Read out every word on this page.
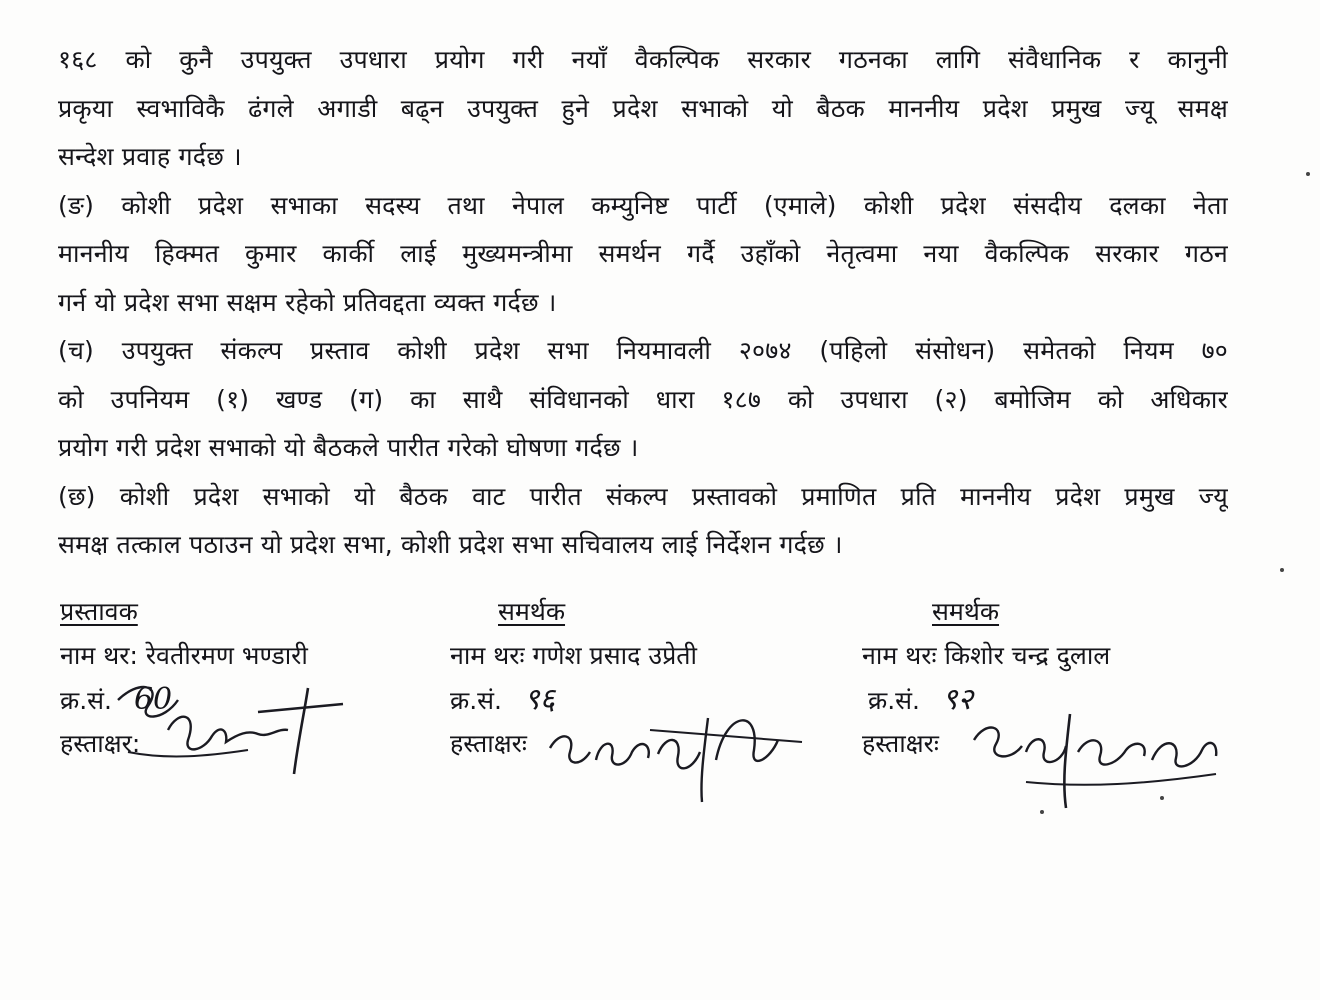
१६८ को कुनै उपयुक्त उपधारा प्रयोग गरी नयाँ वैकल्पिक सरकार गठनका लागि संवैधानिक र कानुनी
प्रकृया स्वभाविकै ढंगले अगाडी बढ्न उपयुक्त हुने प्रदेश सभाको यो बैठक माननीय प्रदेश प्रमुख ज्यू समक्ष
सन्देश प्रवाह गर्दछ ।
(ङ) कोशी प्रदेश सभाका सदस्य तथा नेपाल कम्युनिष्ट पार्टी (एमाले) कोशी प्रदेश संसदीय दलका नेता
माननीय हिक्मत कुमार कार्की लाई मुख्यमन्त्रीमा समर्थन गर्दै उहाँको नेतृत्वमा नया वैकल्पिक सरकार गठन
गर्न यो प्रदेश सभा सक्षम रहेको प्रतिवद्दता व्यक्त गर्दछ ।
(च) उपयुक्त संकल्प प्रस्ताव कोशी प्रदेश सभा नियमावली २०७४ (पहिलो संसोधन) समेतको नियम ७०
को उपनियम (१) खण्ड (ग) का साथै संविधानको धारा १८७ को उपधारा (२) बमोजिम को अधिकार
प्रयोग गरी प्रदेश सभाको यो बैठकले पारीत गरेको घोषणा गर्दछ ।
(छ) कोशी प्रदेश सभाको यो बैठक वाट पारीत संकल्प प्रस्तावको प्रमाणित प्रति माननीय प्रदेश प्रमुख ज्यू
समक्ष तत्काल पठाउन यो प्रदेश सभा, कोशी प्रदेश सभा सचिवालय लाई निर्देशन गर्दछ ।
प्रस्तावक
नाम थर: रेवतीरमण भण्डारी
क्र.सं. 60
हस्ताक्षर:
समर्थक
नाम थरः गणेश प्रसाद उप्रेती
क्र.सं. ९६
हस्ताक्षरः
समर्थक
नाम थरः किशोर चन्द्र दुलाल
क्र.सं. ९२
हस्ताक्षरः
